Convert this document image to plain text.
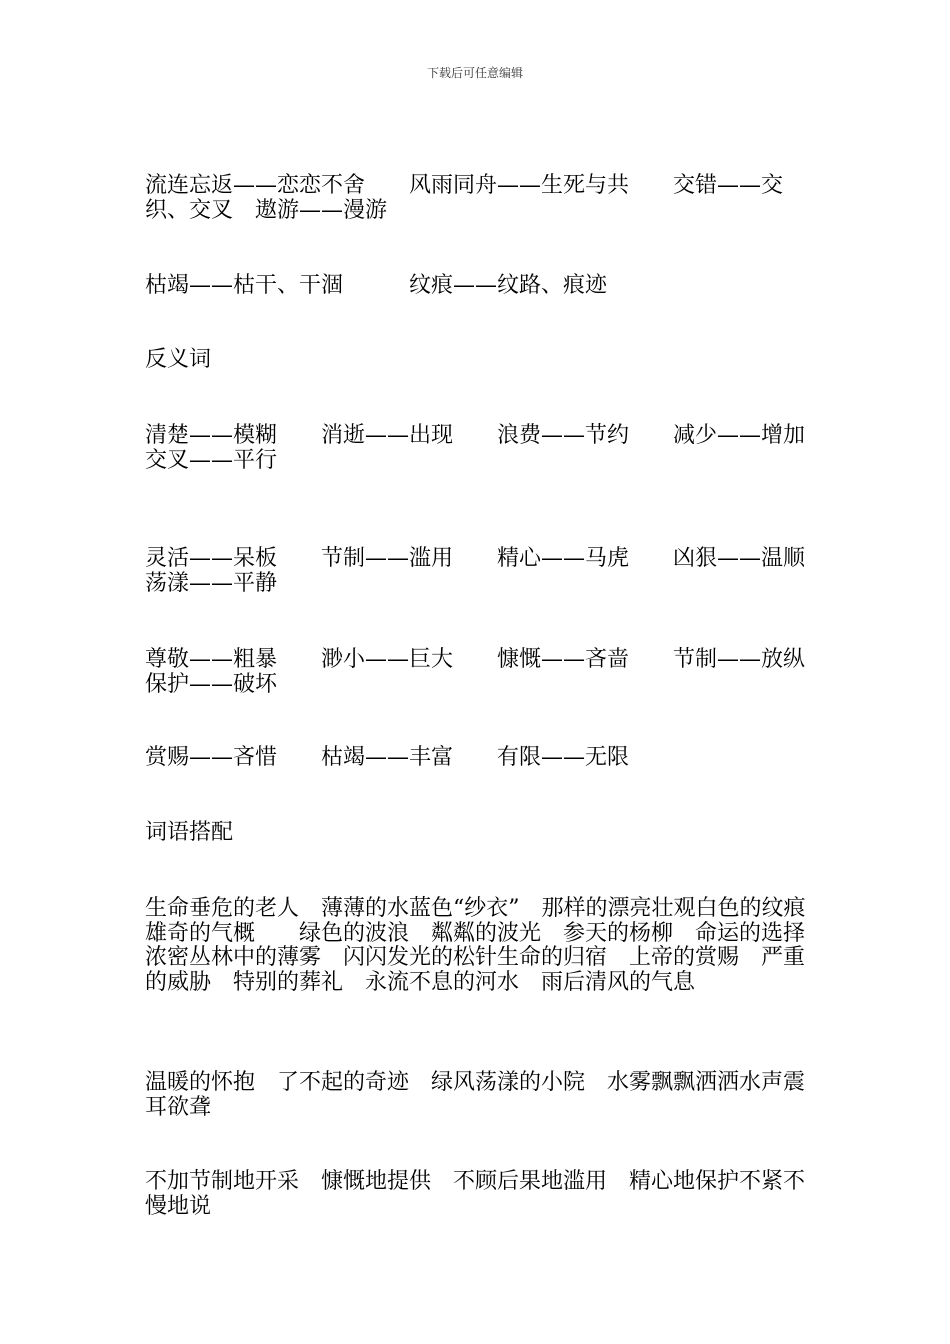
下载后可任意编辑
流连忘返——恋恋不舍　　风雨同舟——生死与共　　交错——交织、交叉　遨游——漫游
枯竭——枯干、干涸　　　纹痕——纹路、痕迹
反义词
清楚——模糊　　消逝——出现　　浪费——节约　　减少——增加　交叉——平行
灵活——呆板　　节制——滥用　　精心——马虎　　凶狠——温顺　　荡漾——平静
尊敬——粗暴　　渺小——巨大　　慷慨——吝啬　　节制——放纵　　保护——破坏
赏赐——吝惜　　枯竭——丰富　　有限——无限
词语搭配
生命垂危的老人　薄薄的水蓝色“纱衣”　那样的漂亮壮观白色的纹痕　雄奇的气概　　绿色的波浪　粼粼的波光　参天的杨柳　命运的选择　浓密丛林中的薄雾　闪闪发光的松针生命的归宿　上帝的赏赐　严重的威胁　特别的葬礼　永流不息的河水　雨后清风的气息
温暖的怀抱　了不起的奇迹　绿风荡漾的小院　水雾飘飘洒洒水声震耳欲聋
不加节制地开采　慷慨地提供　不顾后果地滥用　精心地保护不紧不慢地说
